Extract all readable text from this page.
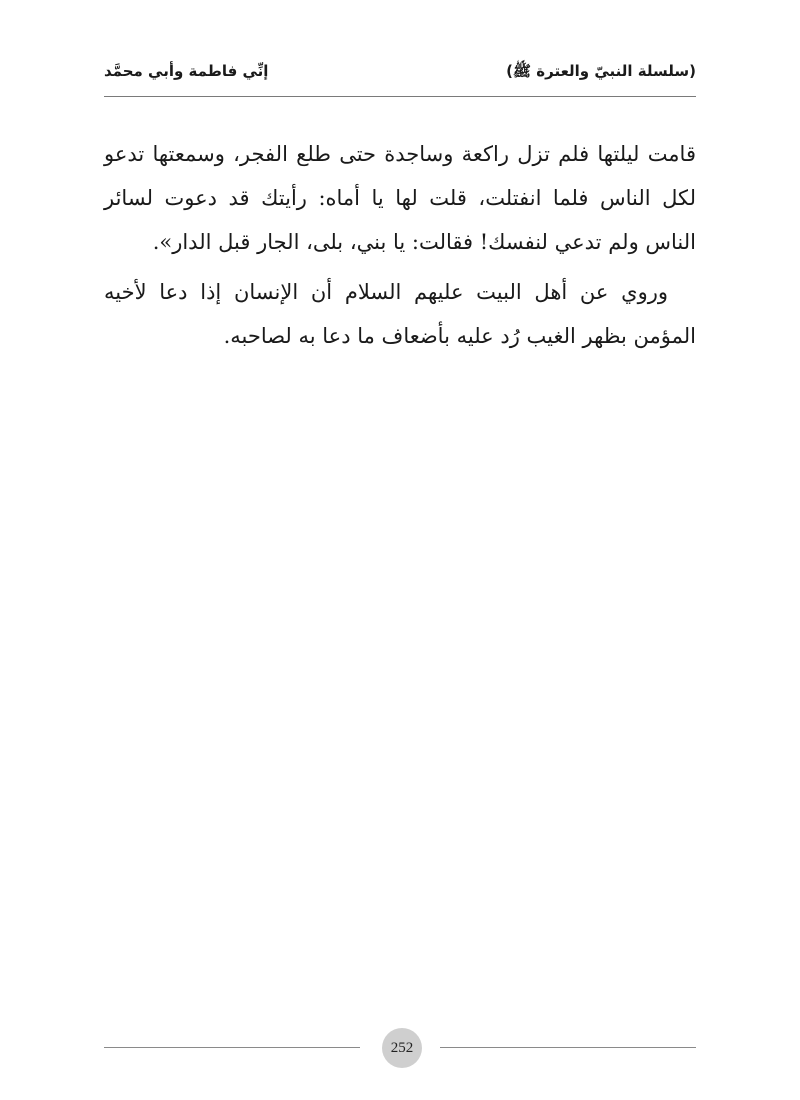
(سلسلة النبيّ والعترة ﷺ)
إنِّي فاطمة وأبي محمَّد

قامت ليلتها فلم تزل راكعة وساجدة حتى طلع الفجر، وسمعتها تدعو لكل الناس فلما انفتلت، قلت لها يا أماه: رأيتك قد دعوت لسائر الناس ولم تدعي لنفسك! فقالت: يا بني، بلى، الجار قبل الدار».

وروي عن أهل البيت عليهم السلام أن الإنسان إذا دعا لأخيه المؤمن بظهر الغيب رُد عليه بأضعاف ما دعا به لصاحبه.

252
